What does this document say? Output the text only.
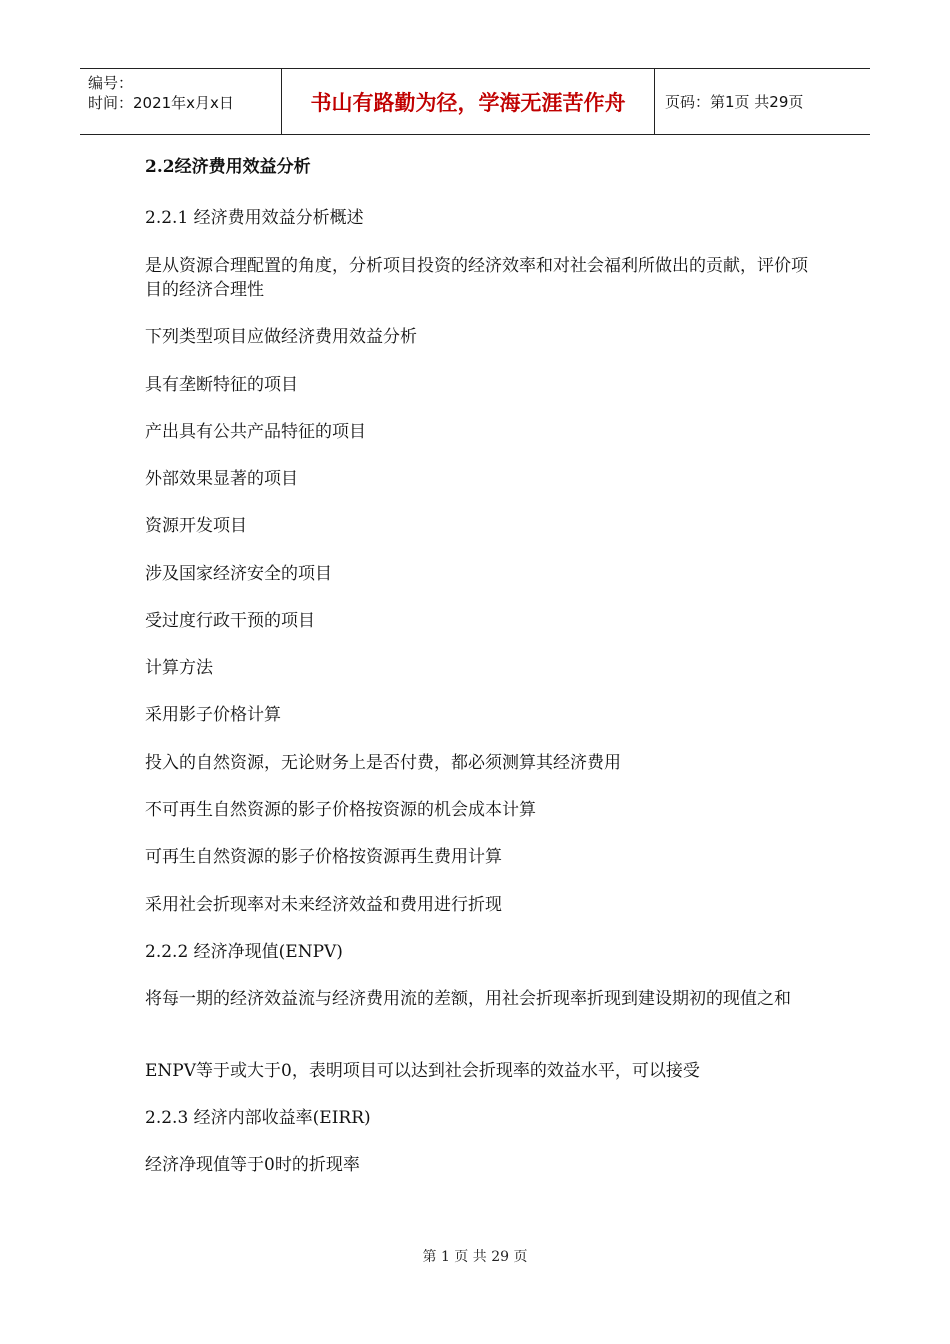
编号：
时间：2021年x月x日	书山有路勤为径，学海无涯苦作舟	页码：第1页 共29页

2.2经济费用效益分析

2.2.1 经济费用效益分析概述

是从资源合理配置的角度，分析项目投资的经济效率和对社会福利所做出的贡献，评价项目的经济合理性

下列类型项目应做经济费用效益分析

具有垄断特征的项目

产出具有公共产品特征的项目

外部效果显著的项目

资源开发项目

涉及国家经济安全的项目

受过度行政干预的项目

计算方法

采用影子价格计算

投入的自然资源，无论财务上是否付费，都必须测算其经济费用

不可再生自然资源的影子价格按资源的机会成本计算

可再生自然资源的影子价格按资源再生费用计算

采用社会折现率对未来经济效益和费用进行折现

2.2.2 经济净现值(ENPV)

将每一期的经济效益流与经济费用流的差额，用社会折现率折现到建设期初的现值之和

ENPV等于或大于0，表明项目可以达到社会折现率的效益水平，可以接受

2.2.3 经济内部收益率(EIRR)

经济净现值等于0时的折现率

第 1 页 共 29 页
